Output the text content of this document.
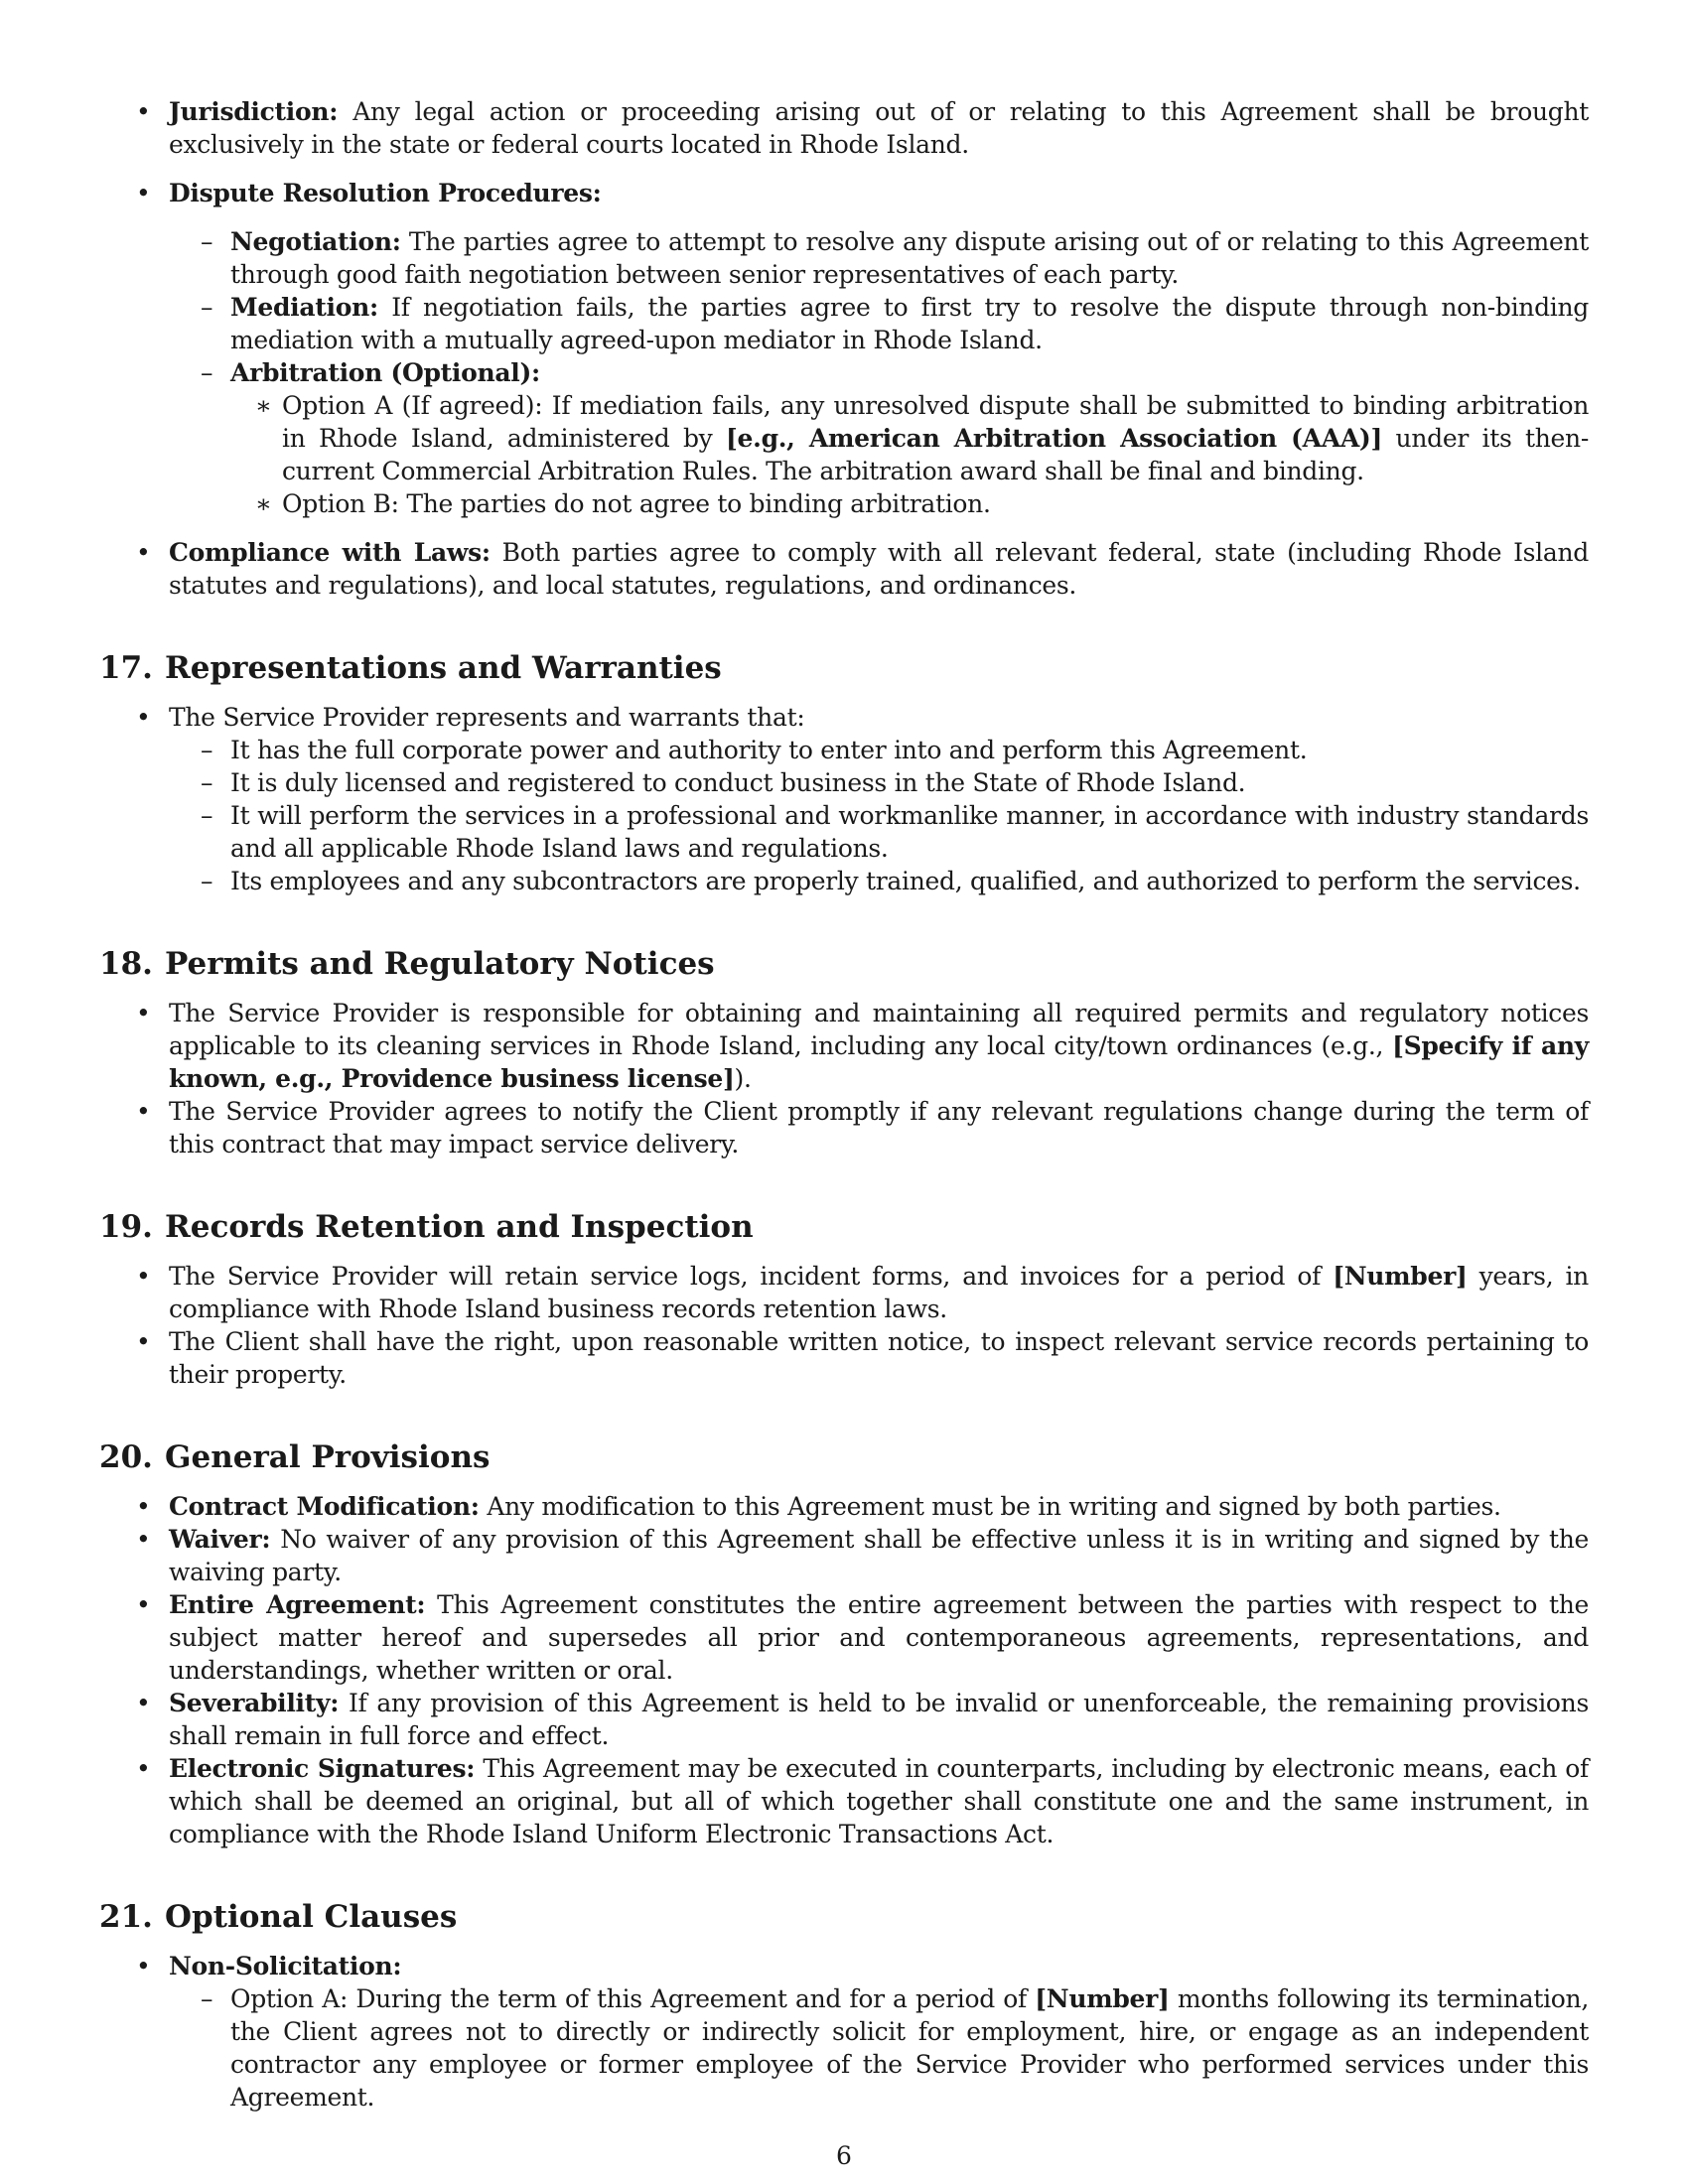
• Jurisdiction: Any legal action or proceeding arising out of or relating to this Agreement shall be brought exclusively in the state or federal courts located in Rhode Island.

• Dispute Resolution Procedures:

– Negotiation: The parties agree to attempt to resolve any dispute arising out of or relating to this Agreement through good faith negotiation between senior representatives of each party.

– Mediation: If negotiation fails, the parties agree to first try to resolve the dispute through non-binding mediation with a mutually agreed-upon mediator in Rhode Island.

– Arbitration (Optional):

∗ Option A (If agreed): If mediation fails, any unresolved dispute shall be submitted to binding arbitration in Rhode Island, administered by [e.g., American Arbitration Association (AAA)] under its then-current Commercial Arbitration Rules. The arbitration award shall be final and binding.

∗ Option B: The parties do not agree to binding arbitration.

• Compliance with Laws: Both parties agree to comply with all relevant federal, state (including Rhode Island statutes and regulations), and local statutes, regulations, and ordinances.

17. Representations and Warranties

• The Service Provider represents and warrants that:

– It has the full corporate power and authority to enter into and perform this Agreement.

– It is duly licensed and registered to conduct business in the State of Rhode Island.

– It will perform the services in a professional and workmanlike manner, in accordance with industry standards and all applicable Rhode Island laws and regulations.

– Its employees and any subcontractors are properly trained, qualified, and authorized to perform the services.

18. Permits and Regulatory Notices

• The Service Provider is responsible for obtaining and maintaining all required permits and regulatory notices applicable to its cleaning services in Rhode Island, including any local city/town ordinances (e.g., [Specify if any known, e.g., Providence business license]).

• The Service Provider agrees to notify the Client promptly if any relevant regulations change during the term of this contract that may impact service delivery.

19. Records Retention and Inspection

• The Service Provider will retain service logs, incident forms, and invoices for a period of [Number] years, in compliance with Rhode Island business records retention laws.

• The Client shall have the right, upon reasonable written notice, to inspect relevant service records pertaining to their property.

20. General Provisions

• Contract Modification: Any modification to this Agreement must be in writing and signed by both parties.

• Waiver: No waiver of any provision of this Agreement shall be effective unless it is in writing and signed by the waiving party.

• Entire Agreement: This Agreement constitutes the entire agreement between the parties with respect to the subject matter hereof and supersedes all prior and contemporaneous agreements, representations, and understandings, whether written or oral.

• Severability: If any provision of this Agreement is held to be invalid or unenforceable, the remaining provisions shall remain in full force and effect.

• Electronic Signatures: This Agreement may be executed in counterparts, including by electronic means, each of which shall be deemed an original, but all of which together shall constitute one and the same instrument, in compliance with the Rhode Island Uniform Electronic Transactions Act.

21. Optional Clauses

• Non-Solicitation:

– Option A: During the term of this Agreement and for a period of [Number] months following its termination, the Client agrees not to directly or indirectly solicit for employment, hire, or engage as an independent contractor any employee or former employee of the Service Provider who performed services under this Agreement.

6
